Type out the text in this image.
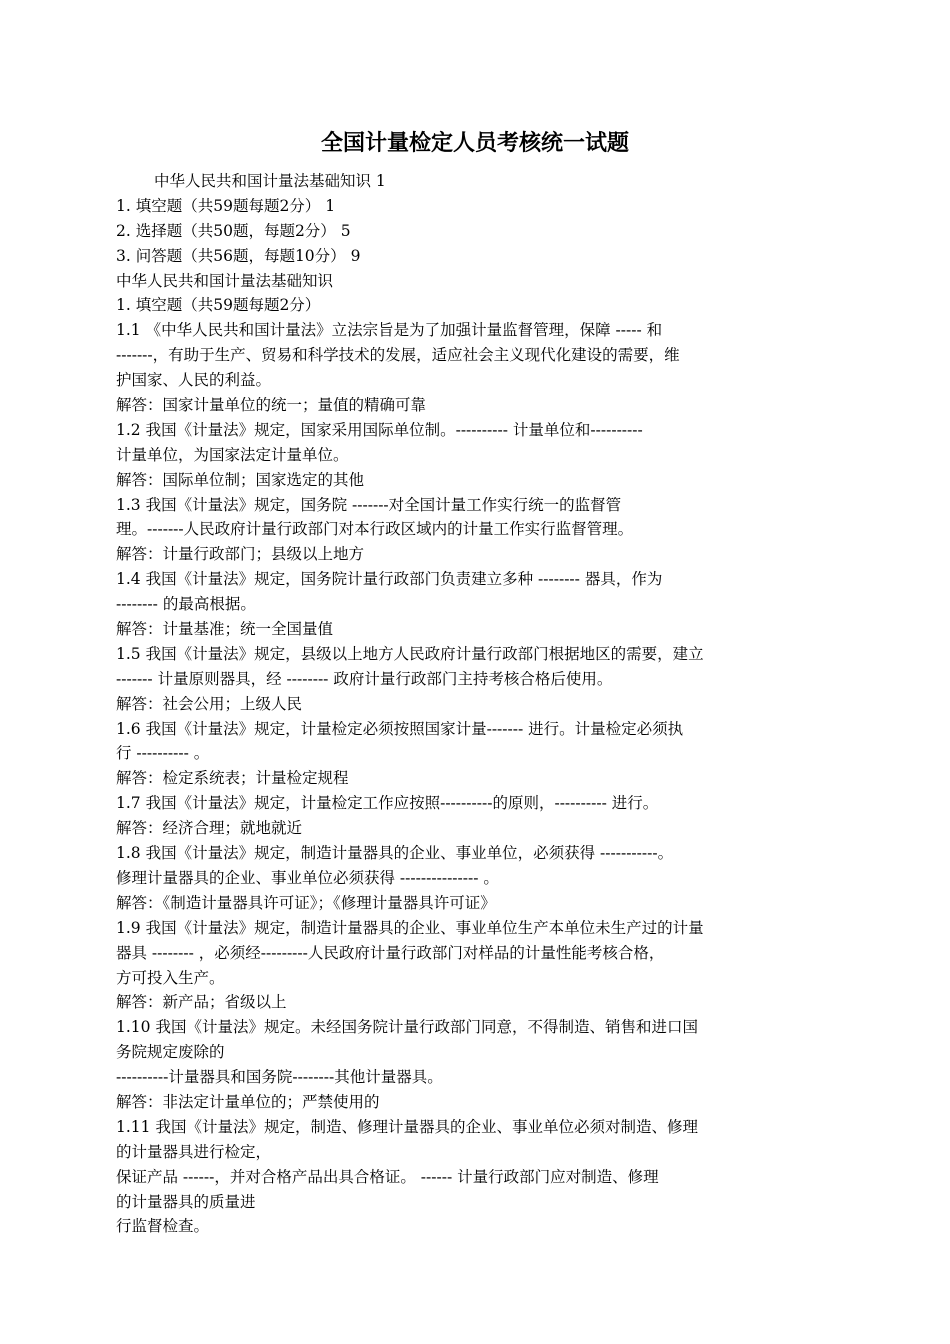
全国计量检定人员考核统一试题
中华人民共和国计量法基础知识 1
1. 填空题（共59题每题2分） 1
2. 选择题（共50题，每题2分） 5
3. 问答题（共56题，每题10分） 9
中华人民共和国计量法基础知识
1. 填空题（共59题每题2分）
1.1 《中华人民共和国计量法》立法宗旨是为了加强计量监督管理，保障 ----- 和
-------，有助于生产、贸易和科学技术的发展，适应社会主义现代化建设的需要，维
护国家、人民的利益。
解答：国家计量单位的统一；量值的精确可靠
1.2 我国《计量法》规定，国家采用国际单位制。---------- 计量单位和----------
计量单位，为国家法定计量单位。
解答：国际单位制；国家选定的其他
1.3 我国《计量法》规定，国务院 -------对全国计量工作实行统一的监督管
理。-------人民政府计量行政部门对本行政区域内的计量工作实行监督管理。
解答：计量行政部门；县级以上地方
1.4 我国《计量法》规定，国务院计量行政部门负责建立多种 -------- 器具，作为
-------- 的最高根据。
解答：计量基准；统一全国量值
1.5 我国《计量法》规定，县级以上地方人民政府计量行政部门根据地区的需要，建立
------- 计量原则器具，经 -------- 政府计量行政部门主持考核合格后使用。
解答：社会公用；上级人民
1.6 我国《计量法》规定，计量检定必须按照国家计量------- 进行。计量检定必须执
行 ---------- 。
解答：检定系统表；计量检定规程
1.7 我国《计量法》规定，计量检定工作应按照----------的原则，---------- 进行。
解答：经济合理；就地就近
1.8 我国《计量法》规定，制造计量器具的企业、事业单位，必须获得 -----------。
修理计量器具的企业、事业单位必须获得 --------------- 。
解答：《制造计量器具许可证》；《修理计量器具许可证》
1.9 我国《计量法》规定，制造计量器具的企业、事业单位生产本单位未生产过的计量
器具 -------- ，必须经---------人民政府计量行政部门对样品的计量性能考核合格，
方可投入生产。
解答：新产品；省级以上
1.10 我国《计量法》规定。未经国务院计量行政部门同意，不得制造、销售和进口国
务院规定废除的
----------计量器具和国务院--------其他计量器具。
解答：非法定计量单位的；严禁使用的
1.11 我国《计量法》规定，制造、修理计量器具的企业、事业单位必须对制造、修理
的计量器具进行检定，
保证产品 ------，并对合格产品出具合格证。 ------ 计量行政部门应对制造、修理
的计量器具的质量进
行监督检查。
